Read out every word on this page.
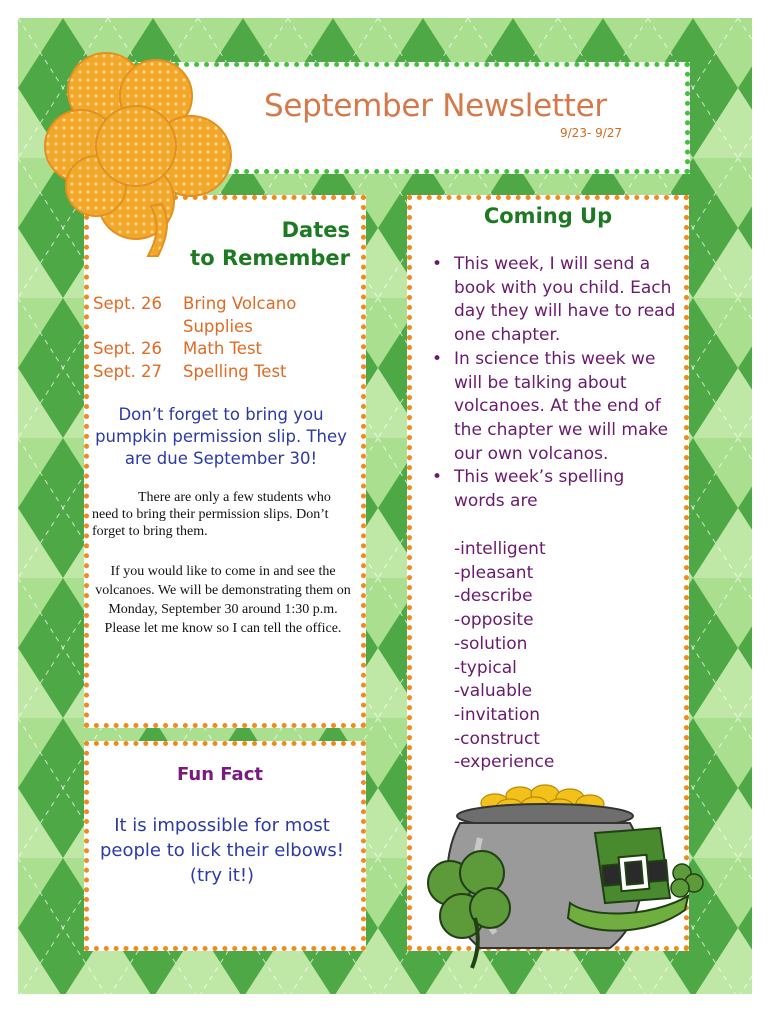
September Newsletter
9/23- 9/27
Dates
to Remember
Sept. 26	Bring Volcano Supplies
Sept. 26	Math Test
Sept. 27	Spelling Test
Don’t forget to bring you pumpkin permission slip. They are due September 30!
There are only a few students who need to bring their permission slips. Don’t forget to bring them.
If you would like to come in and see the volcanoes. We will be demonstrating them on Monday, September 30 around 1:30 p.m. Please let me know so I can tell the office.
Fun Fact
It is impossible for most people to lick their elbows! (try it!)
Coming Up
• This week, I will send a book with you child. Each day they will have to read one chapter.
• In science this week we will be talking about volcanoes. At the end of the chapter we will make our own volcanos.
• This week’s spelling words are
-intelligent
-pleasant
-describe
-opposite
-solution
-typical
-valuable
-invitation
-construct
-experience
